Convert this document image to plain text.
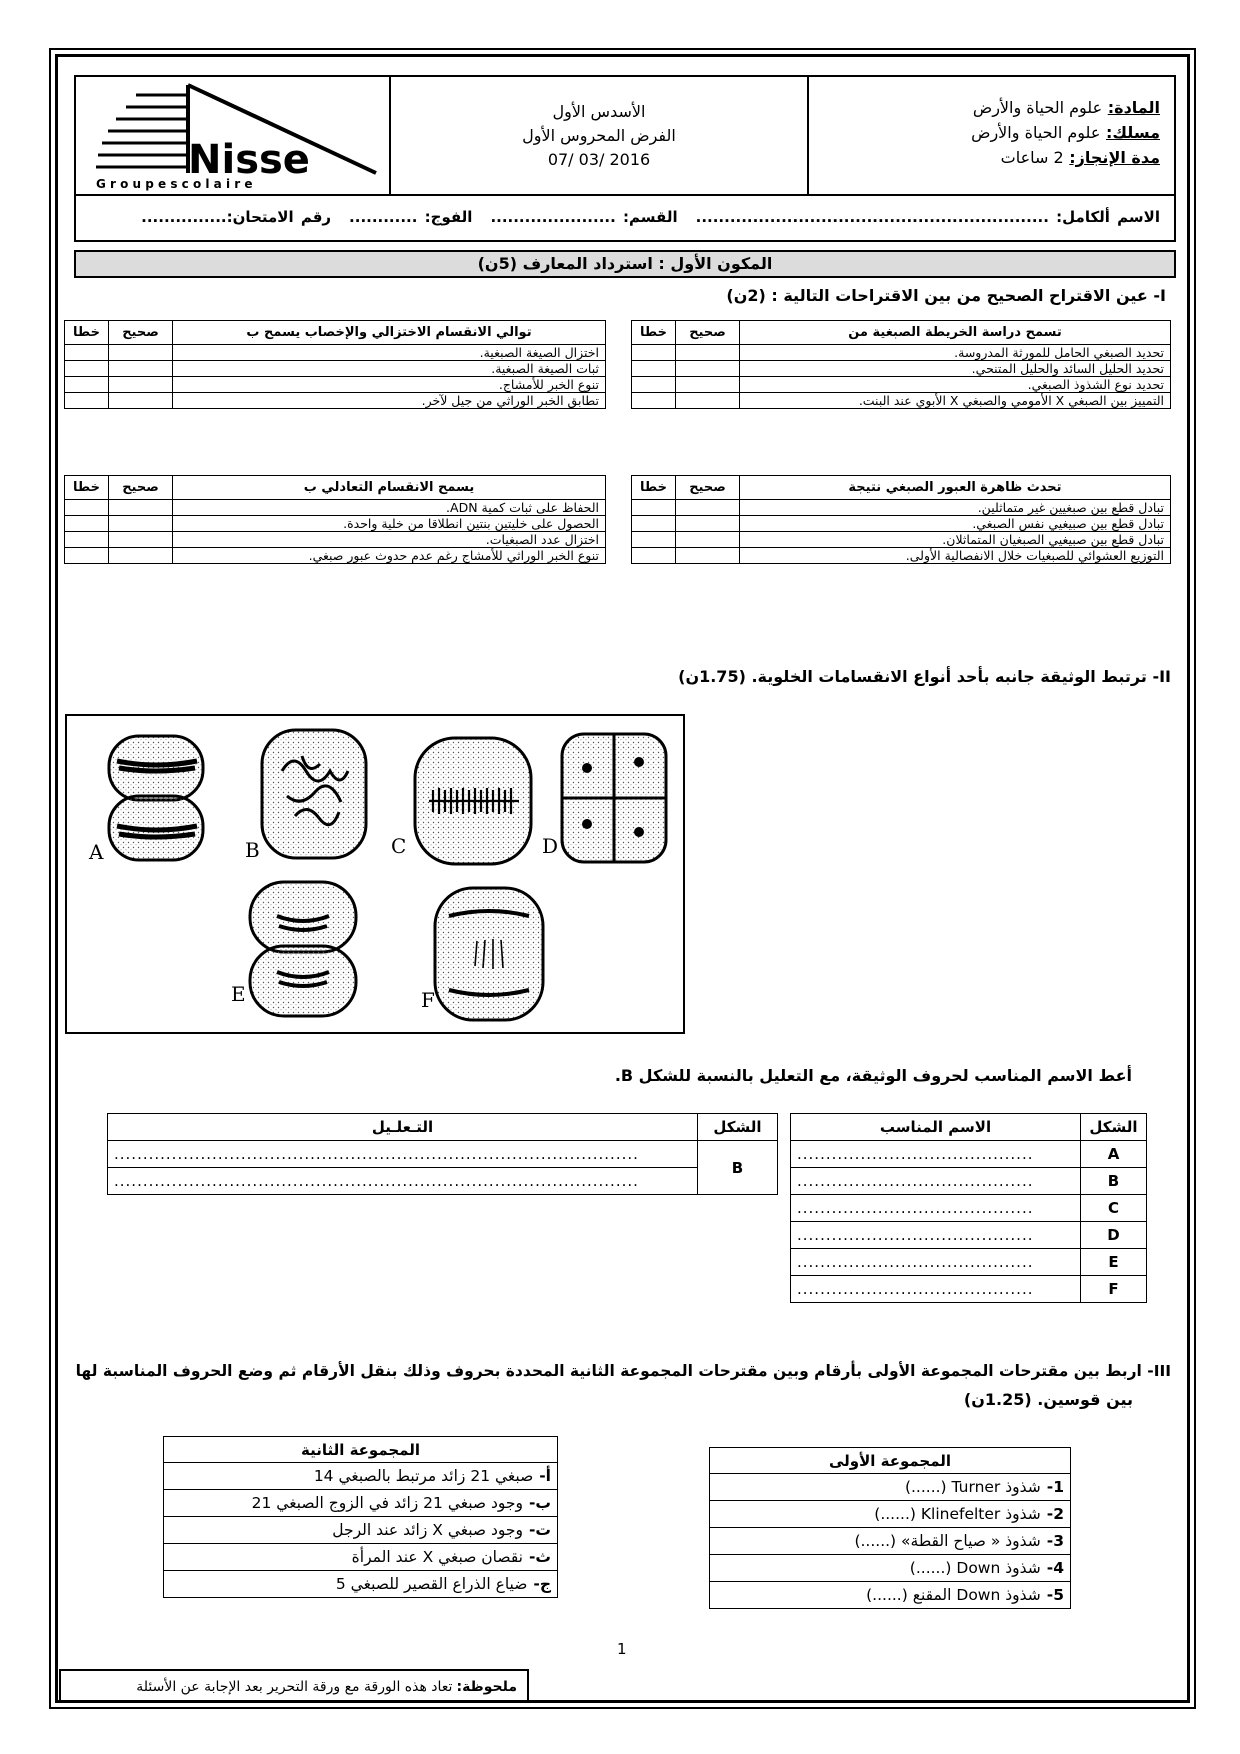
المادة: علوم الحياة والأرض
مسلك: علوم الحياة والأرض
مدة الإنجاز: 2 ساعات
الأسدس الأول
الفرض المحروس الأول
07/ 03/ 2016
Nisse
G r o u p e s c o l a i r e
الاسم ألكامل: ..............................................................القسم: ......................الفوج: ............رقم الامتحان:...............
المكون الأول : استرداد المعارف (5ن)
I- عين الاقتراح الصحيح من بين الاقتراحات التالية : (2ن)
تسمح دراسة الخريطة الصبغية من	صحيح	خطا
تحديد الصبغي الحامل للمورثة المدروسة.		
تحديد الحليل السائد والحليل المتنحي.		
تحديد نوع الشذوذ الصبغي.		
التمييز بين الصبغي X الأمومي والصبغي X الأبوي عند البنت.		
توالي الانقسام الاختزالي والإخصاب يسمح ب	صحيح	خطا
اختزال الصيغة الصبغية.		
ثبات الصيغة الصبغية.		
تنوع الخبر للأمشاج.		
تطابق الخبر الوراثي من جيل لآخر.		
تحدث ظاهرة العبور الصبغي نتيجة	صحيح	خطا
تبادل قطع بين صبغيين غير متماثلين.		
تبادل قطع بين صبيغيي نفس الصبغي.		
تبادل قطع بين صبيغيي الصبغيان المتماثلان.		
التوزيع العشوائي للصبغيات خلال الانفصالية الأولى.		
يسمح الانقسام التعادلي ب	صحيح	خطا
الحفاظ على ثبات كمية ADN.		
الحصول على خليتين بنتين انطلاقا من خلية واحدة.		
اختزال عدد الصبغيات.		
تنوع الخبر الوراثي للأمشاج رغم عدم حدوث عبور صبغي.		
II- ترتبط الوثيقة جانبه بأحد أنواع الانقسامات الخلوية. (1.75ن)
A	B	C	D
E	F
أعط الاسم المناسب لحروف الوثيقة، مع التعليل بالنسبة للشكل B.
الشكل	الاسم المناسب		الشكل	التـعلـيل
A	.........................................		B	...........................................................................................
B	.........................................			...........................................................................................
C	.........................................			
D	.........................................			
E	.........................................			
F	.........................................			
III- اربط بين مقترحات المجموعة الأولى بأرقام وبين مقترحات المجموعة الثانية المحددة بحروف وذلك بنقل الأرقام ثم وضع الحروف المناسبة لها
بين قوسين. (1.25ن)
المجموعة الأولى
1-شذوذ Turner (......)
2-شذوذ Klinefelter (......)
3-شذوذ « صياح القطة» (......)
4-شذوذ Down (......)
5-شذوذ Down المقنع (......)
المجموعة الثانية
أ-صبغي 21 زائد مرتبط بالصبغي 14
ب-وجود صبغي 21 زائد في الزوج الصبغي 21
ت-وجود صبغي X زائد عند الرجل
ث-نقصان صبغي X عند المرأة
ج-ضياع الذراع القصير للصبغي 5
1
ملحوظة:تعاد هذه الورقة مع ورقة التحرير بعد الإجابة عن الأسئلة
